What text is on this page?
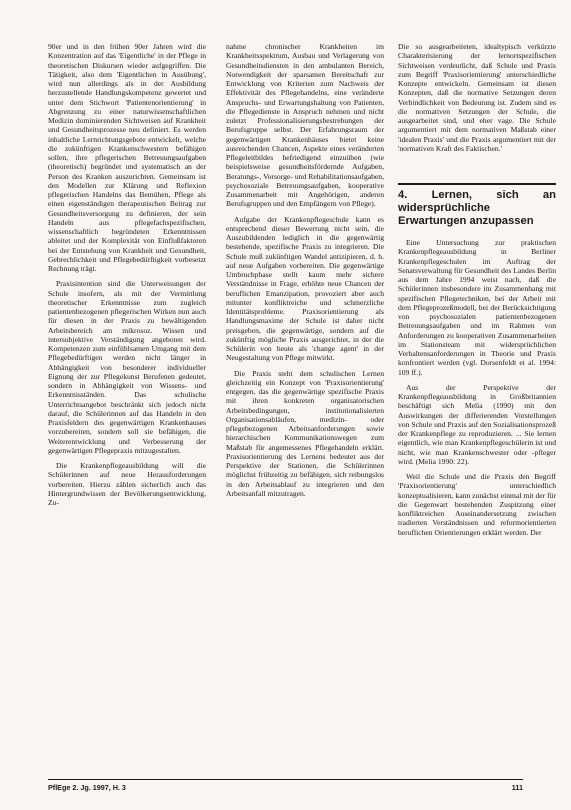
90er und in den frühen 90er Jahren wird die Konzentration auf das 'Eigentliche' in der Pflege in theoretischen Diskursen wieder aufgegriffen. Die Tätigkeit, also dem 'Eigentlichen in Ausübung', wird nun allerdings als in der Ausbildung herzustellende Handlungskompetenz gewertet und unter dem Stichwort 'Patientenorientierung' in Abgrenzung zu einer naturwissenschaftlichen Medizin dominierenden Sichtweisen auf Krankheit und Gesundheitsprozesse neu definiert. Es werden inhaltliche Lernrichtungsgebote entwickelt, welche die zukünftigen Krankenschwestern befähigen sollen, ihre pflegerischen Betreuungsaufgaben (theoretisch) begründet und systematisch an der Person des Kranken auszurichten. Gemeinsam ist den Modellen zur Klärung und Reflexion pflegerischen Handelns das Bemühen, Pflege als einen eigenständigen therapeutischen Beitrag zur Gesundheitsversorgung zu definieren, der sein Handeln aus pflegefachspezifischen, wissenschaftlich begründeten Erkenntnissen ableitet und der Komplexität von Einflußfaktoren bei der Entstehung von Krankheit und Gesundheit, Gebrechlichkeit und Pflegebedürftigkeit vorbesetzt Rechnung trägt.

Praxisintention sind die Unterweisungen der Schule insofern, als mit der Vermittlung theoretischer Erkenntnisse zum zugleich patientenbezogenen pflegerischen Wirken nun auch für diesen in der Praxis zu bewältigenden Arbeitsbereich am mikrosoz. Wissen und intersubjektive Verständigung angeboten wird. Kompetenzen zum einfühlsamen Umgang mit dem Pflegebedürftigen werden nicht länger in Abhängigkeit von besonderer individueller Eignung der zur Pflegekunst Berufenen gedeutet, sondern in Abhängigkeit von Wissens- und Erkenntnisständen. Das schulische Unterrichtsangebot beschränkt sich jedoch nicht darauf, die Schülerinnen auf das Handeln in den Praxisfeldern des gegenwärtigen Krankenhauses vorzubereiten, sondern soll sie befähigen, die Weiterentwicklung und Verbesserung der gegenwärtigen Pflegepraxis mitzugestalten.

Die Krankenpflegeausbildung will die Schülerinnen auf neue Herausforderungen vorbereiten. Hierzu zählen sicherlich auch das Hintergrundwissen der Bevölkerungsentwicklung, Zu-

nahme chronischer Krankheiten im Krankheitsspektrum, Ausbau und Verlagerung von Gesundheitsdiensten in den ambulanten Bereich, Notwendigkeit der sparsamen Bereitschaft zur Entwicklung von Kriterien zum Nachweis der Effektivität des Pflegehandelns, eine veränderte Anspruchs- und Erwartungshaltung von Patienten, die Pflegedienste in Anspruch nehmen und nicht zuletzt Professionalisierungsbestrebungen der Berufsgruppe selbst. Der Erfahrungsraum der gegenwärtigen Krankenhäuses bietet keine ausreichenden Chancen, Aspekte eines veränderten Pflegeleitbildes befriedigend einzuüben (wie beispielsweise gesundheitsfördernde Aufgaben, Beratungs-, Vorsorge- und Rehabilitationsaufgaben, psychosoziale Betreuungsaufgaben, kooperative Zusammenarbeit mit Angehörigen, anderen Berufsgruppen und den Empfängern von Pflege).

Aufgabe der Krankenpflegeschule kann es entsprechend dieser Bewertung nicht sein, die Auszubildenden lediglich in die gegenwärtig bestehende, spezifische Praxis zu integrieren. Die Schule muß zukünftigen Wandel antizipieren, d. h. auf neue Aufgaben vorbereiten. Die gegenwärtige Umbruchphase stellt kaum mehr sichere Verständnisse in Frage, erhöhte neue Chancen der beruflichen Emanzipation, provoziert aber auch mitunter konfliktreiche und schmerzliche Identitätsprobleme. Praxisorientierung als Handlungsmaxime der Schule ist daher nicht preisgeben, die gegenwärtige, sondern auf die zukünftig mögliche Praxis ausgerichtet, in der die Schülerin von heute als 'change agent' in der Neugestaltung von Pflege mitwirkt.

Die Praxis steht dem schulischen Lernen gleichzeitig ein Konzept von 'Praxisorientierung' entgegen, das die gegenwärtige spezifische Praxis mit ihren konkreten organisatorischen Arbeitsbedingungen, institutionalisierten Organisationsabläufen, medizin- oder pflegebezogenen Arbeitsanforderungen sowie hierarchischen Kommunikationswegen zum Maßstab für angemessenes Pflegehandeln erklärt. Praxisorientierung des Lernens bedeutet aus der Perspektive der Stationen, die Schülerinnen möglichst frühzeitig zu befähigen, sich reibungslos in den Arbeitsablauf zu integrieren und den Arbeitsanfall mitzutragen.

Die so ausgearbeiteten, idealtypisch verkürzte Charakterisierung der lernortspezifischen Sichtweisen verdeutlicht, daß Schule und Praxis zum Begriff 'Praxisorientierung' unterschiedliche Konzepte entwickeln. Gemeinsam ist diesen Konzepten, daß die normative Setzungen deren Verbindlichkeit von Bedeutung ist. Zudem sind es die normativen Setzungen der Schule, die ausgearbeitet sind, und eher vage. Die Schule argumentiert mit dem normativen Maßstab einer 'idealen Praxis' und die Praxis argumentiert mit der 'normativen Kraft des Faktischen.'

4. Lernen, sich an widersprüchliche Erwartungen anzupassen

Eine Untersuchung zur praktischen Krankenpflegeausbildung in Berliner Krankenpflegeschulen im Auftrag der Senatsverwaltung für Gesundheit des Landes Berlin aus dem Jahre 1994 weist nach, daß die Schülerinnen insbesondere im Zusammenhang mit spezifischen Pflegetechniken, bei der Arbeit mit dem Pflegeprozeßmodell, bei der Berücksichtigung von psychosozialen patientenbezogenen Betreuungsaufgaben und im Rahmen von Anforderungen zu kooperativen Zusammenarbeiten im Stationsteam mit widersprüchlichen Verhaltensanforderungen in Theorie und Praxis konfrontiert werden (vgl. Dorsenfeldt et al. 1994: 109 ff.).

Aus der Perspektive der Krankenpflegeausbildung in Großbritannien beschäftigt sich Melia (1990) mit den Auswirkungen der differierenden Vorstellungen von Schule und Praxis auf den Sozialisationsprozeß der Krankenpflege zu reproduzieren. ... Sie lernen eigentlich, wie man Krankenpflegeschülerin ist und nicht, wie man Krankenschwester oder -pfleger wird. (Melia 1990: 22).

Weil die Schule und die Praxis den Begriff 'Praxisorientierung' unterschiedlich konzeptualisieren, kann zunächst einmal mit der für die Gegenwart bestehenden Zuspitzung einer konfliktreichen Auseinandersetzung zwischen tradierten Verständnissen und reformorientierten beruflichen Orientierungen erklärt werden. Der

PflEge 2. Jg. 1997, H. 3	111
